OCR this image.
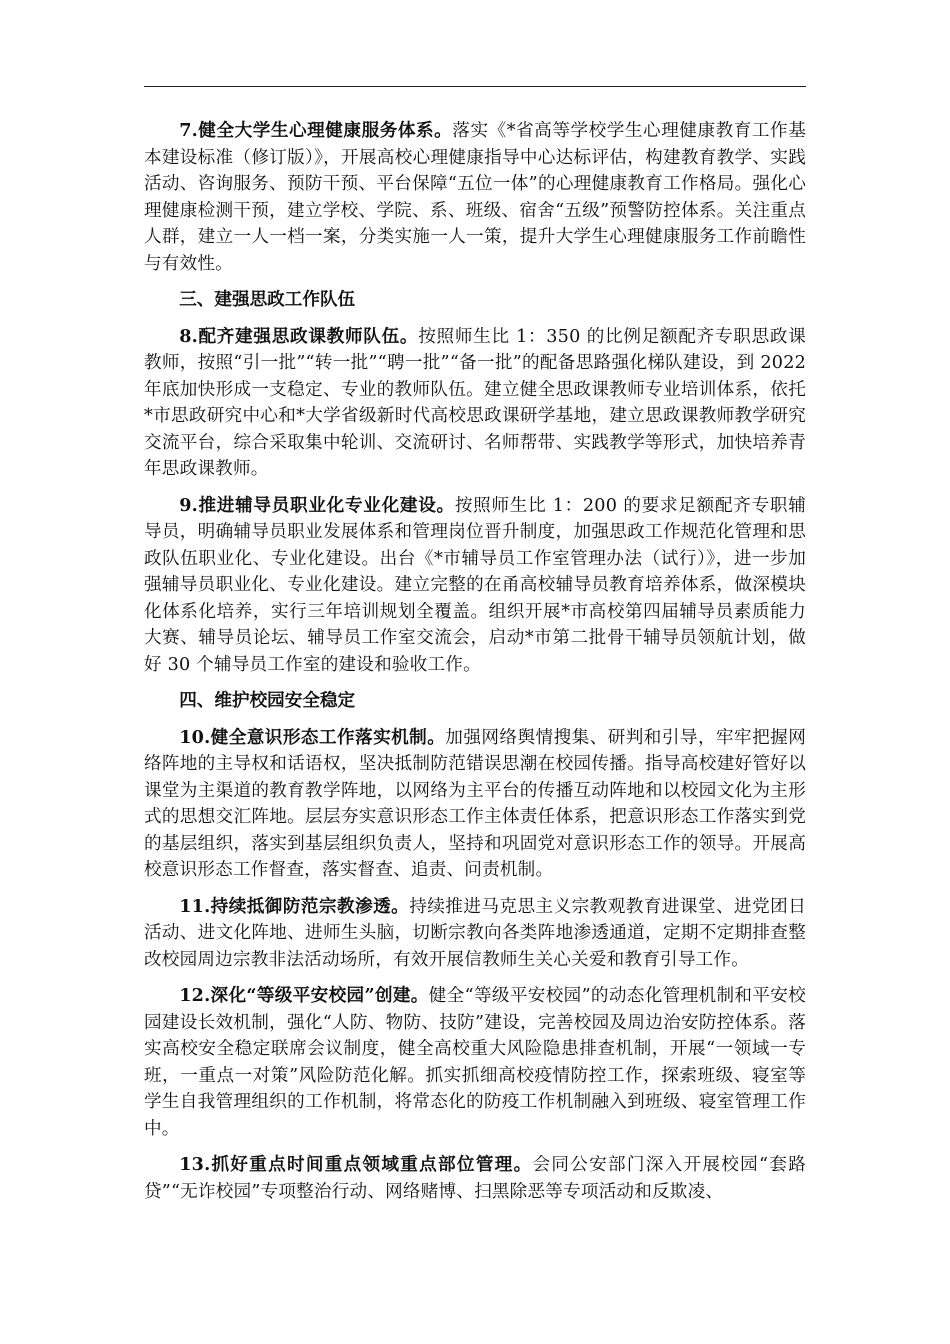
7.健全大学生心理健康服务体系。落实《*省高等学校学生心理健康教育工作基本建设标准（修订版）》，开展高校心理健康指导中心达标评估，构建教育教学、实践活动、咨询服务、预防干预、平台保障“五位一体”的心理健康教育工作格局。强化心理健康检测干预，建立学校、学院、系、班级、宿舍“五级”预警防控体系。关注重点人群，建立一人一档一案，分类实施一人一策，提升大学生心理健康服务工作前瞻性与有效性。

三、建强思政工作队伍

8.配齐建强思政课教师队伍。按照师生比 1：350 的比例足额配齐专职思政课教师，按照“引一批”“转一批”“聘一批”“备一批”的配备思路强化梯队建设，到 2022 年底加快形成一支稳定、专业的教师队伍。建立健全思政课教师专业培训体系，依托*市思政研究中心和*大学省级新时代高校思政课研学基地，建立思政课教师教学研究交流平台，综合采取集中轮训、交流研讨、名师帮带、实践教学等形式，加快培养青年思政课教师。

9.推进辅导员职业化专业化建设。按照师生比 1：200 的要求足额配齐专职辅导员，明确辅导员职业发展体系和管理岗位晋升制度，加强思政工作规范化管理和思政队伍职业化、专业化建设。出台《*市辅导员工作室管理办法（试行）》，进一步加强辅导员职业化、专业化建设。建立完整的在甬高校辅导员教育培养体系，做深模块化体系化培养，实行三年培训规划全覆盖。组织开展*市高校第四届辅导员素质能力大赛、辅导员论坛、辅导员工作室交流会，启动*市第二批骨干辅导员领航计划，做好 30 个辅导员工作室的建设和验收工作。

四、维护校园安全稳定

10.健全意识形态工作落实机制。加强网络舆情搜集、研判和引导，牢牢把握网络阵地的主导权和话语权，坚决抵制防范错误思潮在校园传播。指导高校建好管好以课堂为主渠道的教育教学阵地，以网络为主平台的传播互动阵地和以校园文化为主形式的思想交汇阵地。层层夯实意识形态工作主体责任体系，把意识形态工作落实到党的基层组织，落实到基层组织负责人，坚持和巩固党对意识形态工作的领导。开展高校意识形态工作督查，落实督查、追责、问责机制。

11.持续抵御防范宗教渗透。持续推进马克思主义宗教观教育进课堂、进党团日活动、进文化阵地、进师生头脑，切断宗教向各类阵地渗透通道，定期不定期排查整改校园周边宗教非法活动场所，有效开展信教师生关心关爱和教育引导工作。

12.深化“等级平安校园”创建。健全“等级平安校园”的动态化管理机制和平安校园建设长效机制，强化“人防、物防、技防”建设，完善校园及周边治安防控体系。落实高校安全稳定联席会议制度，健全高校重大风险隐患排查机制，开展“一领域一专班，一重点一对策”风险防范化解。抓实抓细高校疫情防控工作，探索班级、寝室等学生自我管理组织的工作机制，将常态化的防疫工作机制融入到班级、寝室管理工作中。

13.抓好重点时间重点领域重点部位管理。会同公安部门深入开展校园“套路贷”“无诈校园”专项整治行动、网络赌博、扫黑除恶等专项活动和反欺凌、
